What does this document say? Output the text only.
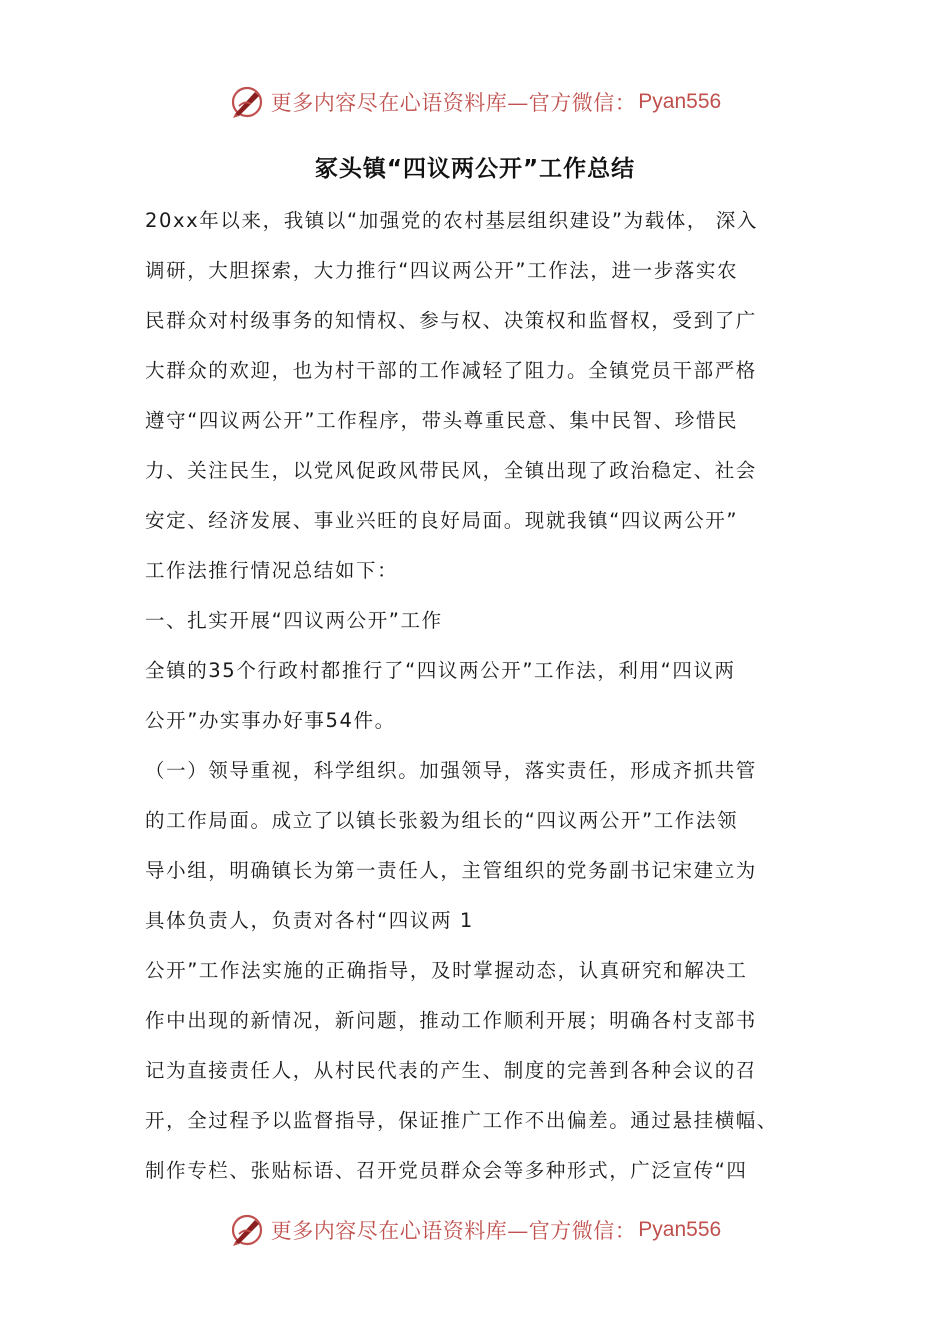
更多内容尽在心语资料库—官方微信： Pyan556
冢头镇“四议两公开”工作总结
20xx年以来，我镇以“加强党的农村基层组织建设”为载体， 深入
调研，大胆探索，大力推行“四议两公开”工作法，进一步落实农
民群众对村级事务的知情权、参与权、决策权和监督权，受到了广
大群众的欢迎，也为村干部的工作减轻了阻力。全镇党员干部严格
遵守“四议两公开”工作程序，带头尊重民意、集中民智、珍惜民
力、关注民生，以党风促政风带民风，全镇出现了政治稳定、社会
安定、经济发展、事业兴旺的良好局面。现就我镇“四议两公开”
工作法推行情况总结如下：
一、扎实开展“四议两公开”工作
全镇的35个行政村都推行了“四议两公开”工作法，利用“四议两
公开”办实事办好事54件。
（一）领导重视，科学组织。加强领导，落实责任，形成齐抓共管
的工作局面。成立了以镇长张毅为组长的“四议两公开”工作法领
导小组，明确镇长为第一责任人，主管组织的党务副书记宋建立为
具体负责人，负责对各村“四议两 1
公开”工作法实施的正确指导，及时掌握动态，认真研究和解决工
作中出现的新情况，新问题，推动工作顺利开展；明确各村支部书
记为直接责任人，从村民代表的产生、制度的完善到各种会议的召
开，全过程予以监督指导，保证推广工作不出偏差。通过悬挂横幅、
制作专栏、张贴标语、召开党员群众会等多种形式，广泛宣传“四
更多内容尽在心语资料库—官方微信： Pyan556
